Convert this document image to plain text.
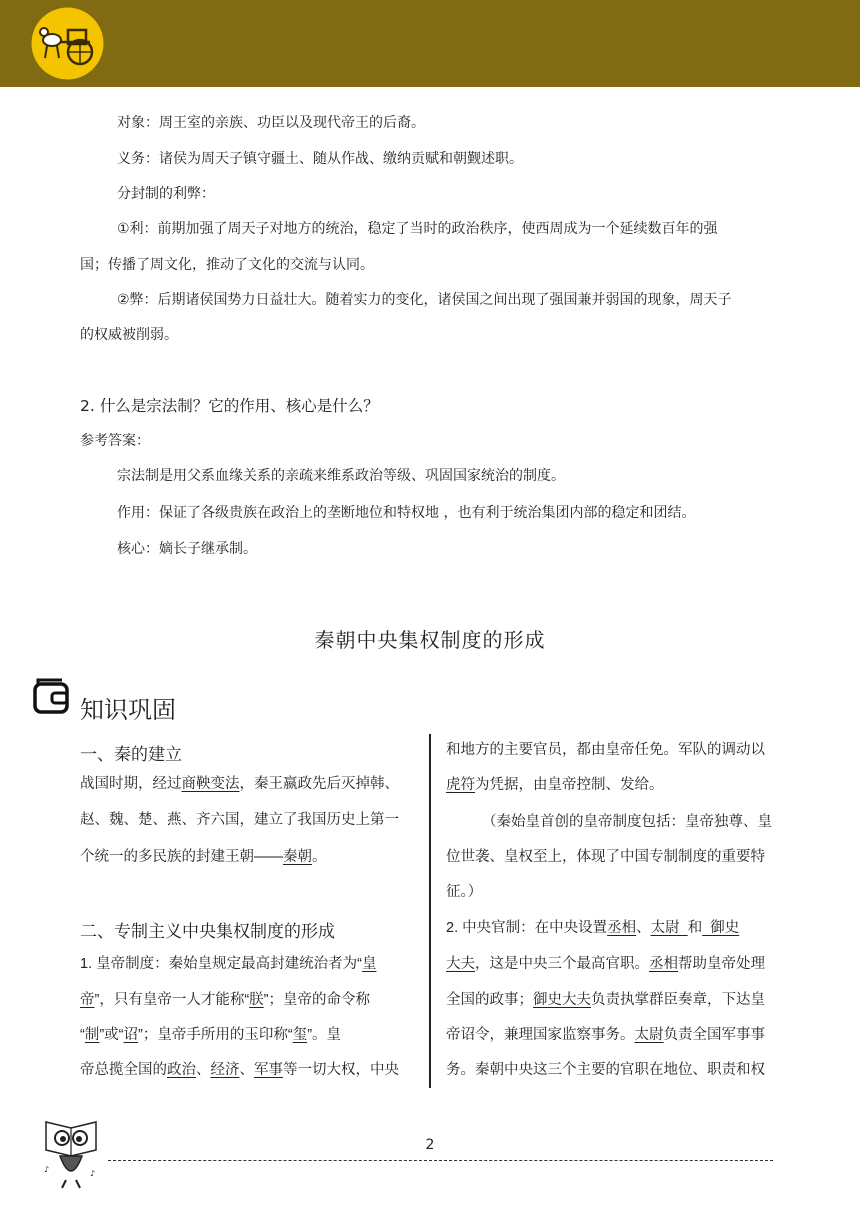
对象：周王室的亲族、功臣以及现代帝王的后裔。
义务：诸侯为周天子镇守疆土、随从作战、缴纳贡赋和朝觐述职。
分封制的利弊：
①利：前期加强了周天子对地方的统治，稳定了当时的政治秩序，使西周成为一个延续数百年的强
国；传播了周文化，推动了文化的交流与认同。
②弊：后期诸侯国势力日益壮大。随着实力的变化，诸侯国之间出现了强国兼并弱国的现象，周天子
的权威被削弱。
2. 什么是宗法制？它的作用、核心是什么？
参考答案：
宗法制是用父系血缘关系的亲疏来维系政治等级、巩固国家统治的制度。
作用：保证了各级贵族在政治上的垄断地位和特权地 ，也有利于统治集团内部的稳定和团结。
核心：嫡长子继承制。
秦朝中央集权制度的形成
知识巩固
一、秦的建立
战国时期，经过商鞅变法，秦王嬴政先后灭掉韩、
赵、魏、楚、燕、齐六国，建立了我国历史上第一
个统一的多民族的封建王朝——秦朝。
二、专制主义中央集权制度的形成
1. 皇帝制度：秦始皇规定最高封建统治者为“皇
帝”，只有皇帝一人才能称“朕”；皇帝的命令称
“制”或“诏”；皇帝手所用的玉印称“玺”。皇
帝总揽全国的政治、经济、军事等一切大权，中央
和地方的主要官员，都由皇帝任免。军队的调动以
虎符为凭据，由皇帝控制、发给。
（秦始皇首创的皇帝制度包括：皇帝独尊、皇
位世袭、皇权至上，体现了中国专制制度的重要特
征。）
2. 中央官制：在中央设置丞相、太尉  和  御史
大夫，这是中央三个最高官职。丞相帮助皇帝处理
全国的政事；御史大夫负责执掌群臣奏章，下达皇
帝诏令，兼理国家监察事务。太尉负责全国军事事
务。秦朝中央这三个主要的官职在地位、职责和权
♪	♪
2
